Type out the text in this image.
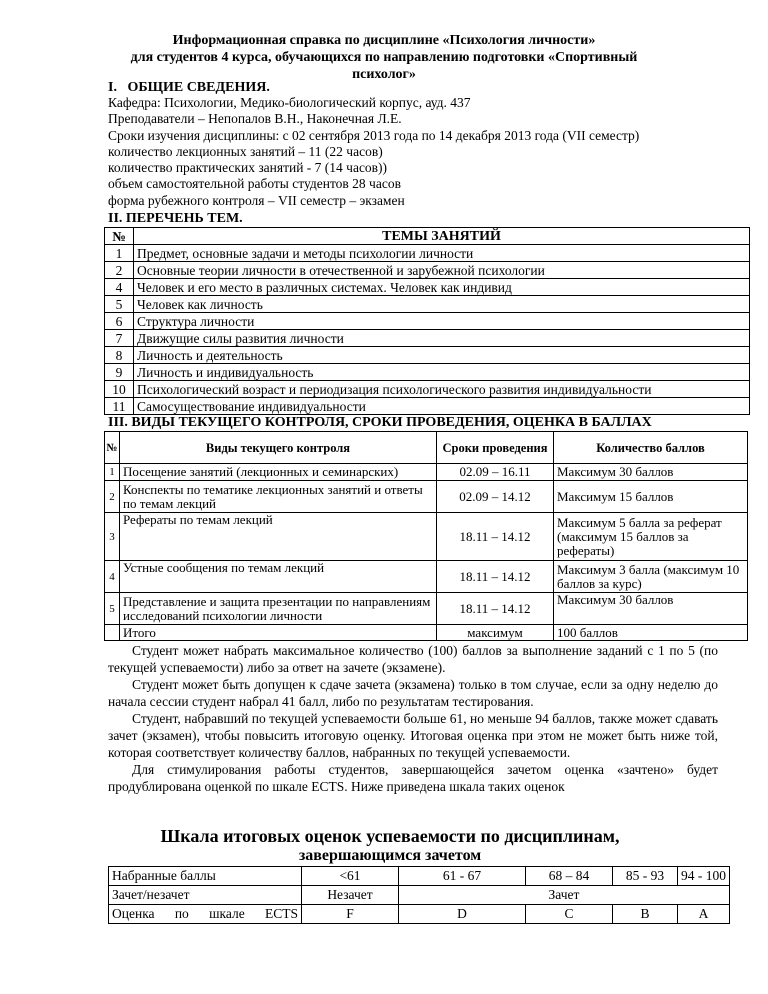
Информационная справка по дисциплине «Психология личности»
для студентов 4 курса, обучающихся по направлению подготовки «Спортивный
психолог»
I.   ОБЩИЕ СВЕДЕНИЯ.
Кафедра: Психологии, Медико-биологический корпус, ауд. 437
Преподаватели – Непопалов В.Н., Наконечная Л.Е.
Сроки изучения дисциплины: с 02 сентября 2013 года по 14 декабря 2013 года (VII семестр)
количество лекционных занятий – 11 (22 часов)
количество практических занятий - 7 (14 часов))
объем самостоятельной работы студентов 28 часов
форма рубежного контроля – VII семестр – экзамен
II. ПЕРЕЧЕНЬ ТЕМ.
№	ТЕМЫ ЗАНЯТИЙ
1	Предмет, основные задачи и методы психологии личности
2	Основные теории личности в отечественной и зарубежной психологии
4	Человек и его место в различных системах. Человек как индивид
5	Человек как личность
6	Структура личности
7	Движущие силы развития личности
8	Личность и деятельность
9	Личность и индивидуальность
10	Психологический возраст и периодизация психологического развития индивидуальности
11	Самосуществование индивидуальности
III. ВИДЫ ТЕКУЩЕГО КОНТРОЛЯ, СРОКИ ПРОВЕДЕНИЯ, ОЦЕНКА В БАЛЛАХ
№	Виды текущего контроля	Сроки проведения	Количество баллов
1	Посещение занятий (лекционных и семинарских)	02.09 – 16.11	Максимум 30 баллов
2	Конспекты по тематике лекционных занятий и ответы по темам лекций	02.09 – 14.12	Максимум 15 баллов
3	Рефераты по темам лекций	18.11 – 14.12	Максимум 5 балла за реферат (максимум 15 баллов за рефераты)
4	Устные сообщения по темам лекций	18.11 – 14.12	Максимум 3 балла (максимум 10 баллов за курс)
5	Представление и защита презентации по направлениям исследований психологии личности	18.11 – 14.12	Максимум 30 баллов
	Итого	максимум	100 баллов

Студент может набрать максимальное количество (100) баллов за выполнение заданий с 1 по 5 (по текущей успеваемости) либо за ответ на зачете (экзамене).

Студент может быть допущен к сдаче зачета (экзамена) только в том случае, если за одну неделю до начала сессии студент набрал 41 балл, либо по результатам тестирования.

Студент, набравший по текущей успеваемости больше 61, но меньше 94 баллов, также может сдавать зачет (экзамен), чтобы повысить итоговую оценку. Итоговая оценка при этом не может быть ниже той, которая соответствует количеству баллов, набранных по текущей успеваемости.

Для стимулирования работы студентов, завершающейся зачетом оценка «зачтено» будет продублирована оценкой по шкале ECTS. Ниже приведена шкала таких оценок

Шкала итоговых оценок успеваемости по дисциплинам,
завершающимся зачетом
Набранные баллы	<61	61 - 67	68 – 84	85 - 93	94 - 100
Зачет/незачет	Незачет	Зачет			
Оценка по шкале ECTS	F	D	C	B	A
